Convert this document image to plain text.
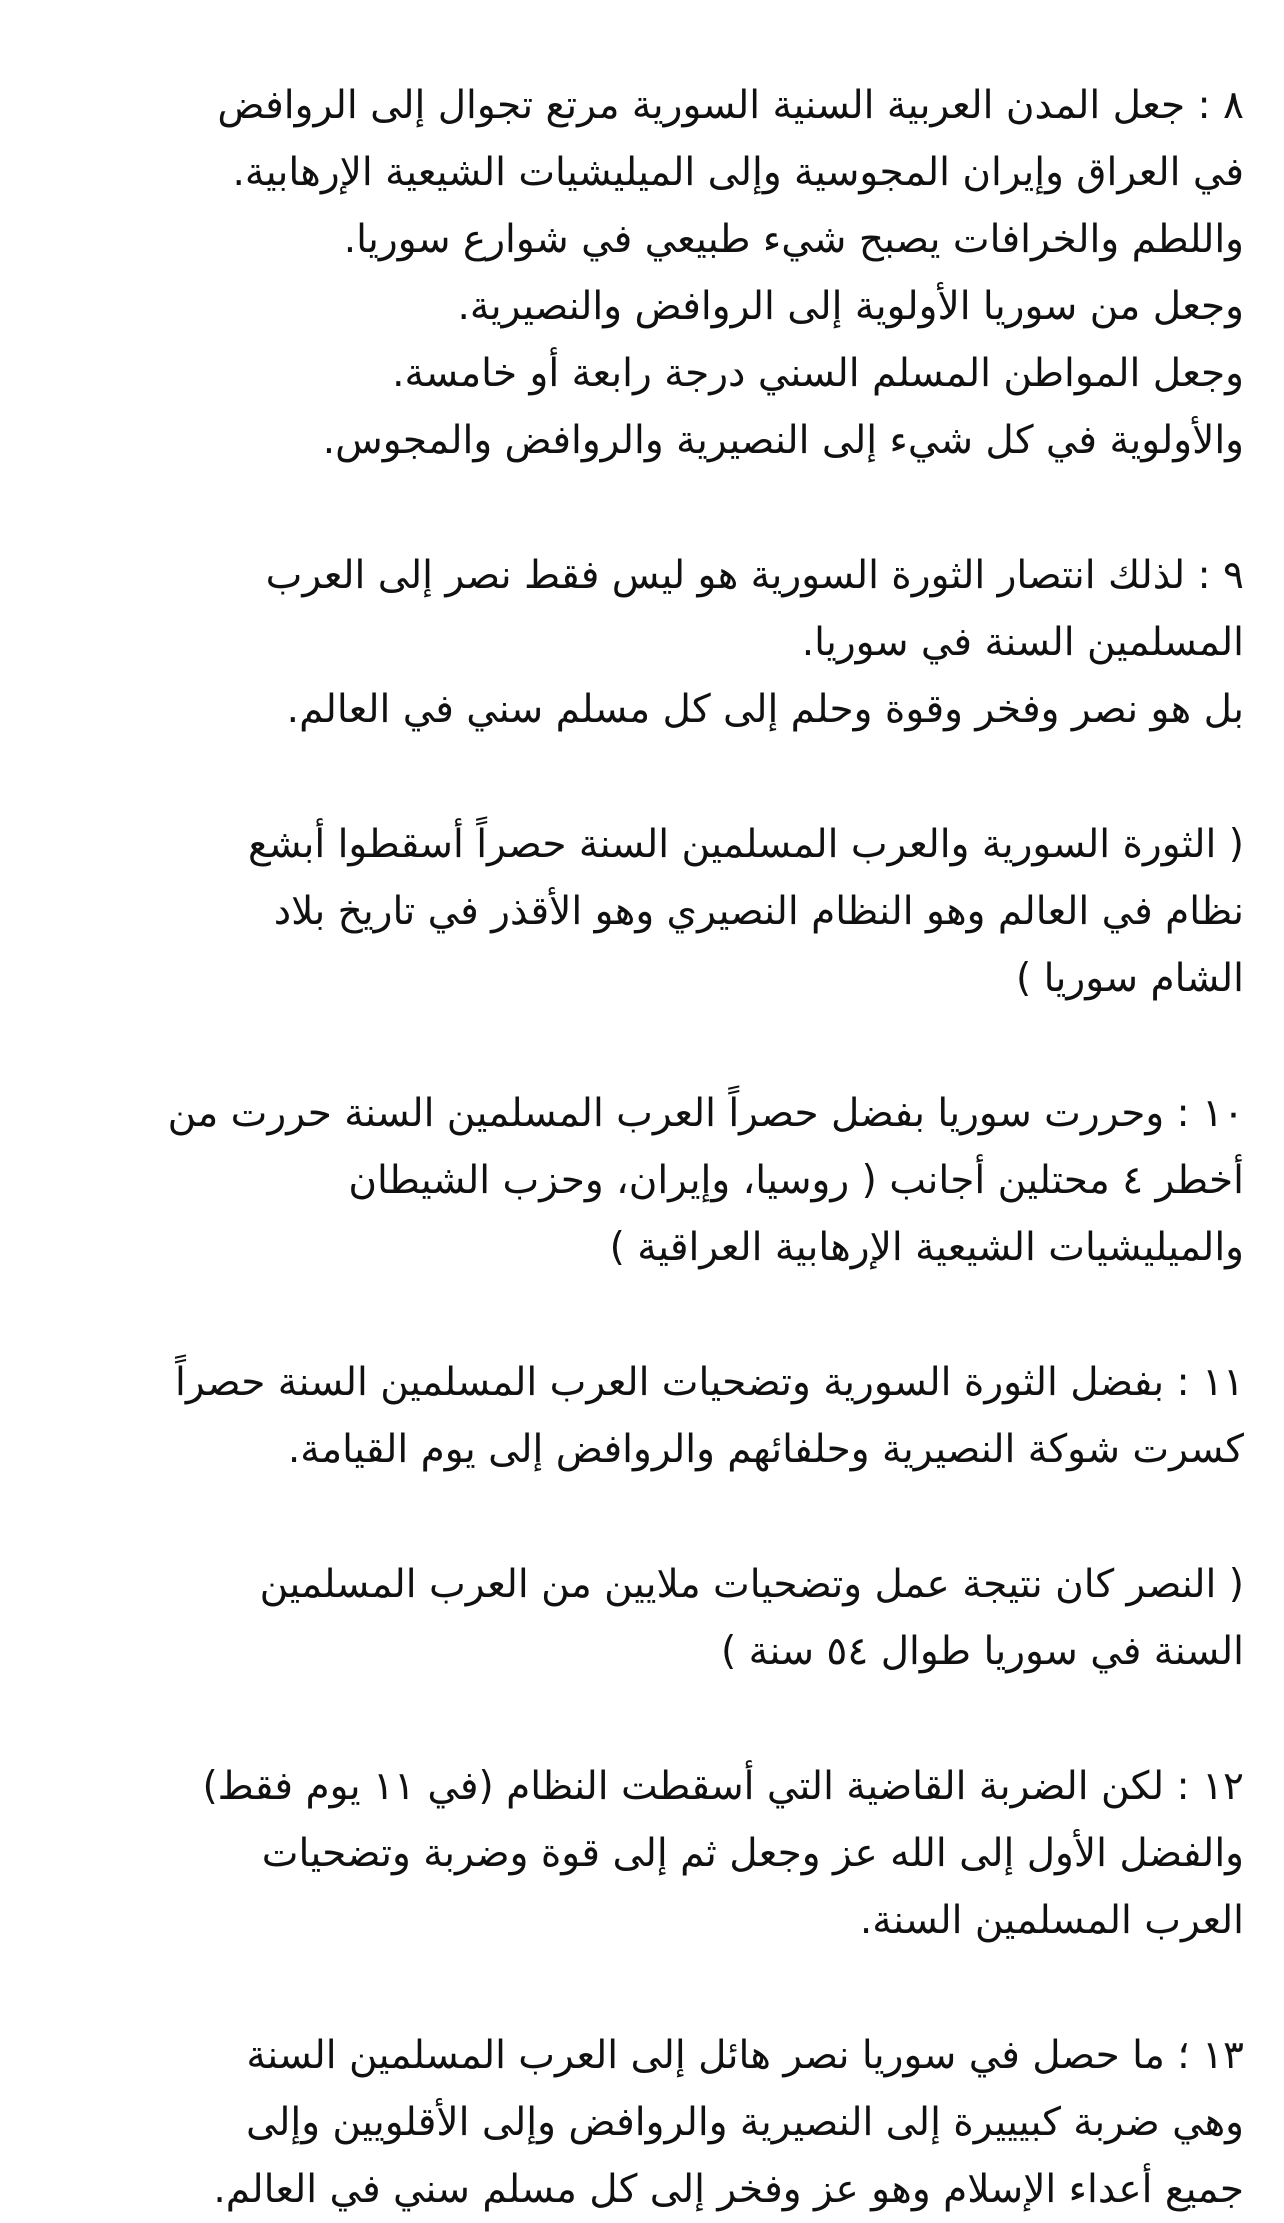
٨ : جعل المدن العربية السنية السورية مرتع تجوال إلى الروافض
في العراق وإيران المجوسية وإلى الميليشيات الشيعية الإرهابية.
واللطم والخرافات يصبح شيء طبيعي في شوارع سوريا.
وجعل من سوريا الأولوية إلى الروافض والنصيرية.
وجعل المواطن المسلم السني درجة رابعة أو خامسة.
والأولوية في كل شيء إلى النصيرية والروافض والمجوس.
٩ : لذلك انتصار الثورة السورية هو ليس فقط نصر إلى العرب
المسلمين السنة في سوريا.
بل هو نصر وفخر وقوة وحلم إلى كل مسلم سني في العالم.
( الثورة السورية والعرب المسلمين السنة حصراً أسقطوا أبشع
نظام في العالم وهو النظام النصيري وهو الأقذر في تاريخ بلاد
الشام سوريا )
١٠ : وحررت سوريا بفضل حصراً العرب المسلمين السنة حررت من
أخطر ٤ محتلين أجانب ( روسيا، وإيران، وحزب الشيطان
والميليشيات الشيعية الإرهابية العراقية )
١١ : بفضل الثورة السورية وتضحيات العرب المسلمين السنة حصراً
كسرت شوكة النصيرية وحلفائهم والروافض إلى يوم القيامة.
( النصر كان نتيجة عمل وتضحيات ملايين من العرب المسلمين
السنة في سوريا طوال ٥٤ سنة )
١٢ : لكن الضربة القاضية التي أسقطت النظام (في ١١ يوم فقط)
والفضل الأول إلى الله عز وجعل ثم إلى قوة وضربة وتضحيات
العرب المسلمين السنة.
١٣ ؛ ما حصل في سوريا نصر هائل إلى العرب المسلمين السنة
وهي ضربة كبيييرة إلى النصيرية والروافض وإلى الأقلويين وإلى
جميع أعداء الإسلام وهو عز وفخر إلى كل مسلم سني في العالم.
